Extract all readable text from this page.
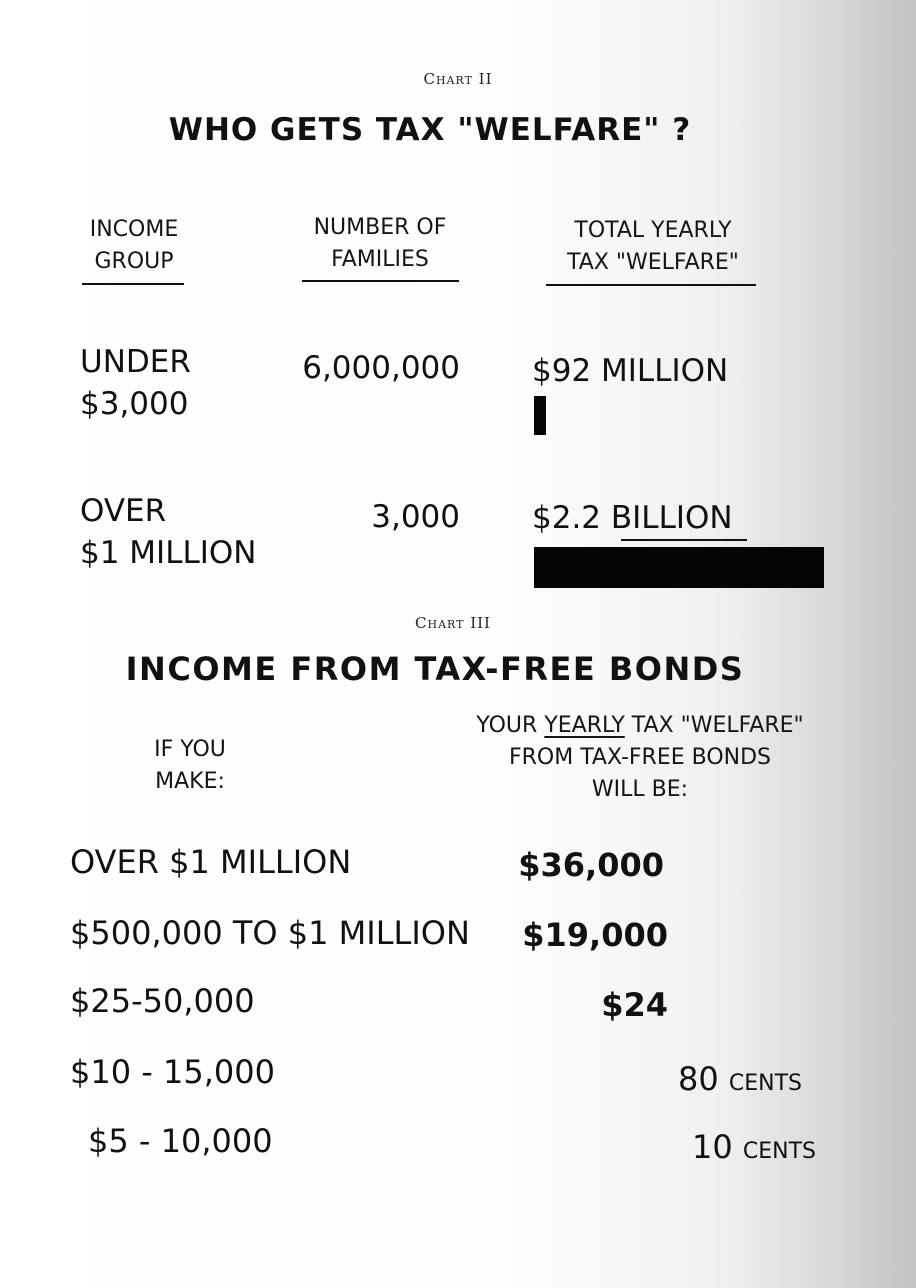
Chart II
WHO GETS TAX "WELFARE" ?
INCOME
GROUP
NUMBER OF
FAMILIES
TOTAL YEARLY
TAX "WELFARE"
UNDER
$3,000
6,000,000 $92 MILLION
OVER
$1 MILLION
3,000 $2.2 BILLION
Chart III
INCOME FROM TAX-FREE BONDS
IF YOU
MAKE:
YOUR YEARLY TAX "WELFARE"
FROM TAX-FREE BONDS
WILL BE:
OVER $1 MILLION	$36,000
$500,000 TO $1 MILLION $19,000
$25-50,000	$24
$10 - 15,000	80 CENTS
$5 - 10,000	10 CENTS
